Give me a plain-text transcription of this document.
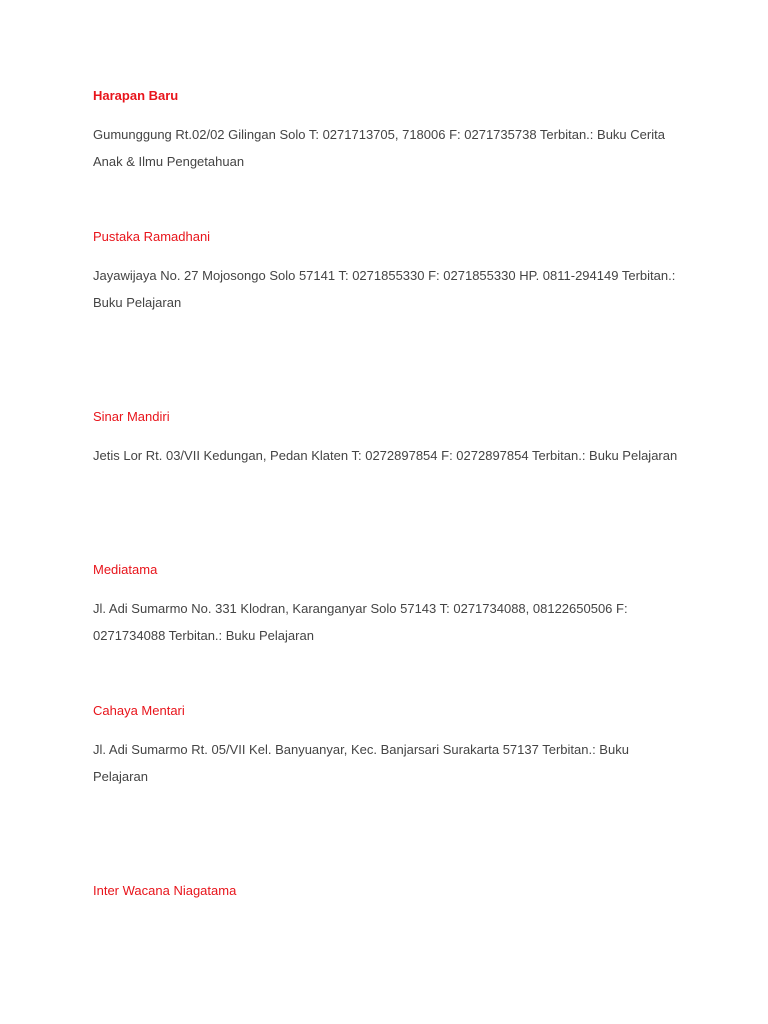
Harapan Baru

Gumunggung Rt.02/02 Gilingan Solo T: 0271713705, 718006 F: 0271735738 Terbitan.: Buku Cerita Anak & Ilmu Pengetahuan

Pustaka Ramadhani

Jayawijaya No. 27 Mojosongo Solo 57141 T: 0271855330 F: 0271855330 HP. 0811-294149 Terbitan.: Buku Pelajaran

Sinar Mandiri

Jetis Lor Rt. 03/VII Kedungan, Pedan Klaten T: 0272897854 F: 0272897854 Terbitan.: Buku Pelajaran

Mediatama

Jl. Adi Sumarmo No. 331 Klodran, Karanganyar Solo 57143 T: 0271734088, 08122650506 F: 0271734088 Terbitan.: Buku Pelajaran

Cahaya Mentari

Jl. Adi Sumarmo Rt. 05/VII Kel. Banyuanyar, Kec. Banjarsari Surakarta 57137 Terbitan.: Buku Pelajaran

Inter Wacana Niagatama
